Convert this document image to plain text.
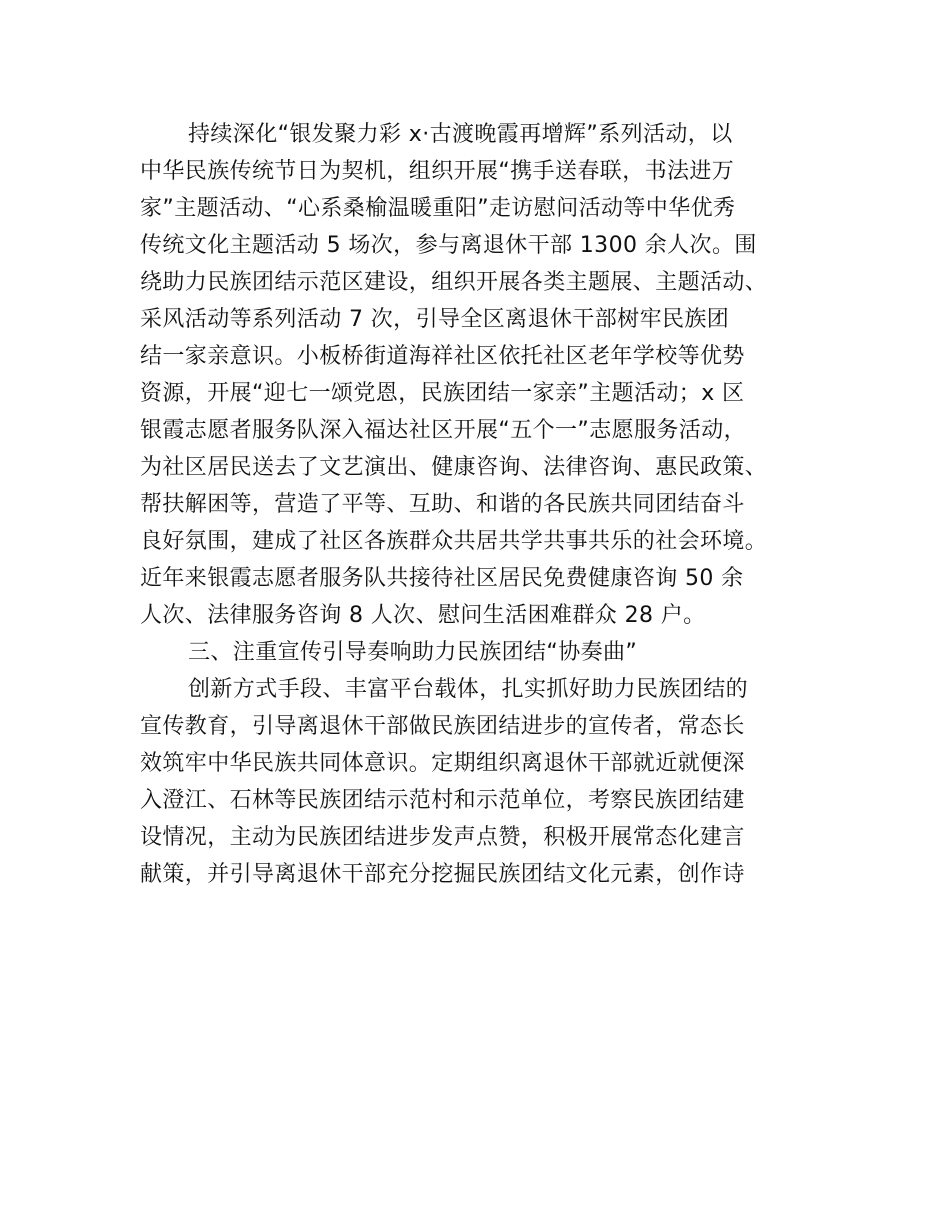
持续深化“银发聚力彩 x·古渡晚霞再增辉”系列活动，以
中华民族传统节日为契机，组织开展“携手送春联，书法进万
家”主题活动、“心系桑榆温暖重阳”走访慰问活动等中华优秀
传统文化主题活动 5 场次，参与离退休干部 1300 余人次。围
绕助力民族团结示范区建设，组织开展各类主题展、主题活动、
采风活动等系列活动 7 次，引导全区离退休干部树牢民族团
结一家亲意识。小板桥街道海祥社区依托社区老年学校等优势
资源，开展“迎七一颂党恩，民族团结一家亲”主题活动；x 区
银霞志愿者服务队深入福达社区开展“五个一”志愿服务活动，
为社区居民送去了文艺演出、健康咨询、法律咨询、惠民政策、
帮扶解困等，营造了平等、互助、和谐的各民族共同团结奋斗
良好氛围，建成了社区各族群众共居共学共事共乐的社会环境。
近年来银霞志愿者服务队共接待社区居民免费健康咨询 50 余
人次、法律服务咨询 8 人次、慰问生活困难群众 28 户。
三、注重宣传引导奏响助力民族团结“协奏曲”
创新方式手段、丰富平台载体，扎实抓好助力民族团结的
宣传教育，引导离退休干部做民族团结进步的宣传者，常态长
效筑牢中华民族共同体意识。定期组织离退休干部就近就便深
入澄江、石林等民族团结示范村和示范单位，考察民族团结建
设情况，主动为民族团结进步发声点赞，积极开展常态化建言
献策，并引导离退休干部充分挖掘民族团结文化元素，创作诗
